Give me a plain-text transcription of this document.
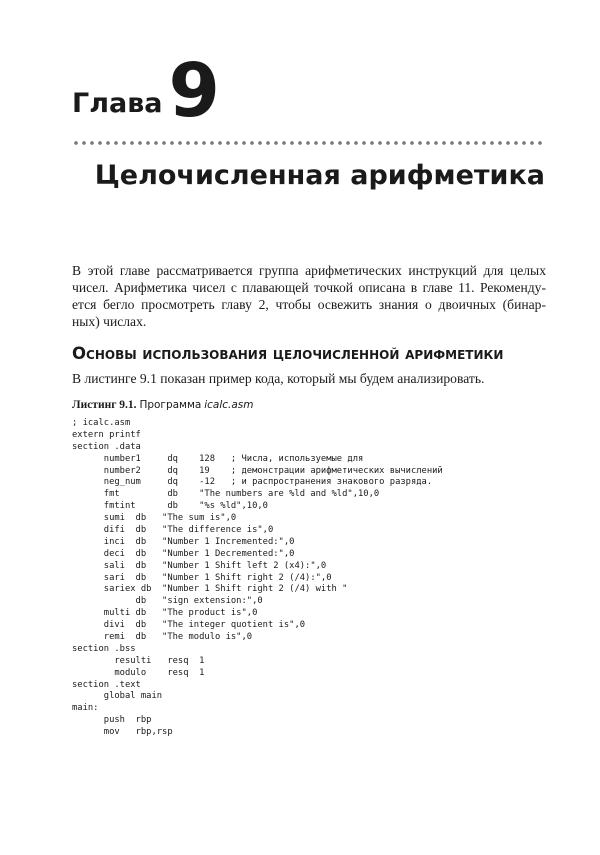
Глава 9
Целочисленная арифметика

В этой главе рассматривается группа арифметических инструкций для целых
чисел. Арифметика чисел с плавающей точкой описана в главе 11. Рекоменду-
ется бегло просмотреть главу 2, чтобы освежить знания о двоичных (бинар-
ных) числах.

Основы использования целочисленной арифметики

В листинге 9.1 показан пример кода, который мы будем анализировать.

Листинг 9.1. Программа icalc.asm
; icalc.asm
extern printf
section .data
number1     dq    128   ; Числа, используемые для
number2     dq    19    ; демонстрации арифметических вычислений
neg_num     dq    -12   ; и распространения знакового разряда.
fmt         db    "The numbers are %ld and %ld",10,0
fmtint      db    "%s %ld",10,0
sumi  db   "The sum is",0
difi  db   "The difference is",0
inci  db   "Number 1 Incremented:",0
deci  db   "Number 1 Decremented:",0
sali  db   "Number 1 Shift left 2 (x4):",0
sari  db   "Number 1 Shift right 2 (/4):",0
sariex db  "Number 1 Shift right 2 (/4) with "
db   "sign extension:",0
multi db   "The product is",0
divi  db   "The integer quotient is",0
remi  db   "The modulo is",0
section .bss
resulti   resq  1
modulo    resq  1
section .text
global main
main:
push  rbp
mov   rbp,rsp
